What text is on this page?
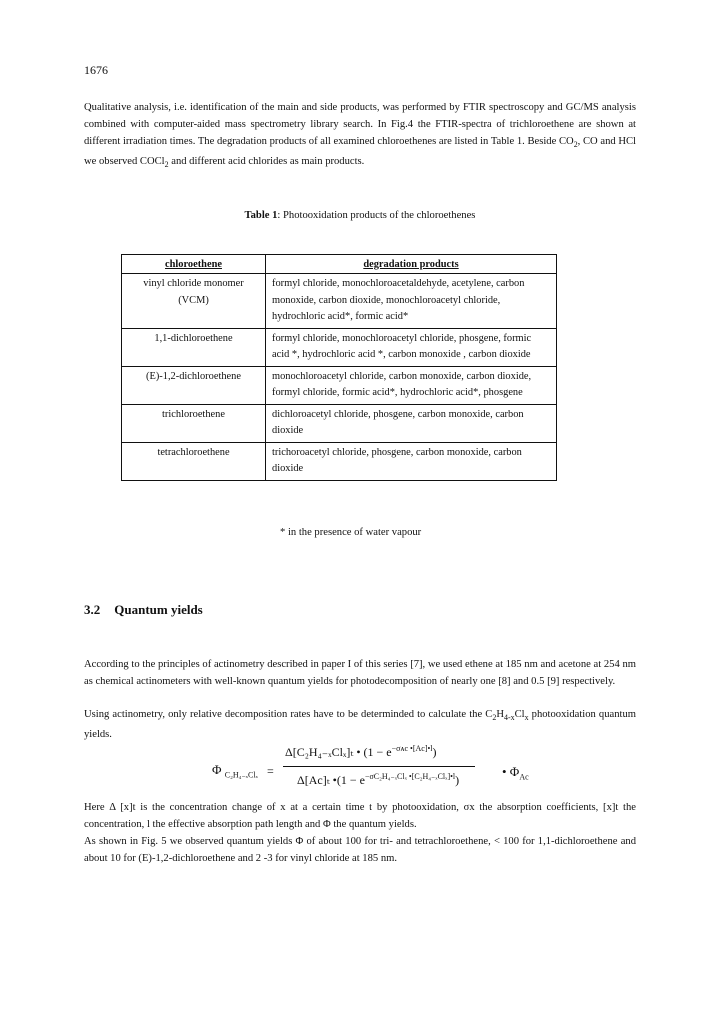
1676

Qualitative analysis, i.e. identification of the main and side products, was performed by FTIR spectroscopy and GC/MS analysis combined with computer-aided mass spectrometry library search. In Fig.4 the FTIR-spectra of trichloroethene are shown at different irradiation times. The degradation products of all examined chloroethenes are listed in Table 1. Beside $CO_2$, CO and HCl we observed COCl$_2$ and different acid chlorides as main products.

Table 1: Photooxidation products of the chloroethenes
chloroethene	degradation products
vinyl chloride monomer (VCM)	formyl chloride, monochloroacetaldehyde, acetylene, carbon monoxide, carbon dioxide, monochloroacetyl chloride, hydrochloric acid*, formic acid*
1,1-dichloroethene	formyl chloride, monochloroacetyl chloride, phosgene, formic acid *, hydrochloric acid *, carbon monoxide , carbon dioxide
(E)-1,2-dichloroethene	monochloroacetyl chloride, carbon monoxide, carbon dioxide, formyl chloride, formic acid*, hydrochloric acid*, phosgene
trichloroethene	dichloroacetyl chloride, phosgene, carbon monoxide, carbon dioxide
tetrachloroethene	trichoroacetyl chloride, phosgene, carbon monoxide, carbon dioxide
* in the presence of water vapour
3.2 Quantum yields

According to the principles of actinometry described in paper I of this series [7], we used ethene at 185 nm and acetone at 254 nm as chemical actinometers with well-known quantum yields for photodecomposition of nearly one [8] and 0.5 [9] respectively.

Using actinometry, only relative decomposition rates have to be determinded to calculate the $C_2H_{4-x}Cl_x$ photooxidation quantum yields.

Φ $_{C_2H_{4-x}Cl_x}$ =
Δ[C₂H₄₋ₓClₓ]ₜ • $(1 - e^{-\sigma ᴀc •[Ac]•l})$
Δ[Ac]ₜ •(1 − $e^{-\sigma C_2H_{4-x}Cl_x •[C_2H_{4-x}Cl_x]•l}$)
• $\Phi_{Ac}$

Here Δ [x]t is the concentration change of x at a certain time t by photooxidation, σx the absorption coefficients, [x]t the concentration, l the effective absorption path length and Φ the quantum yields.

As shown in Fig. 5 we observed quantum yields Φ of about 100 for tri- and tetrachloroethene, < 100 for 1,1-dichloroethene and about 10 for (E)-1,2-dichloroethene and 2 -3 for vinyl chloride at 185 nm.
